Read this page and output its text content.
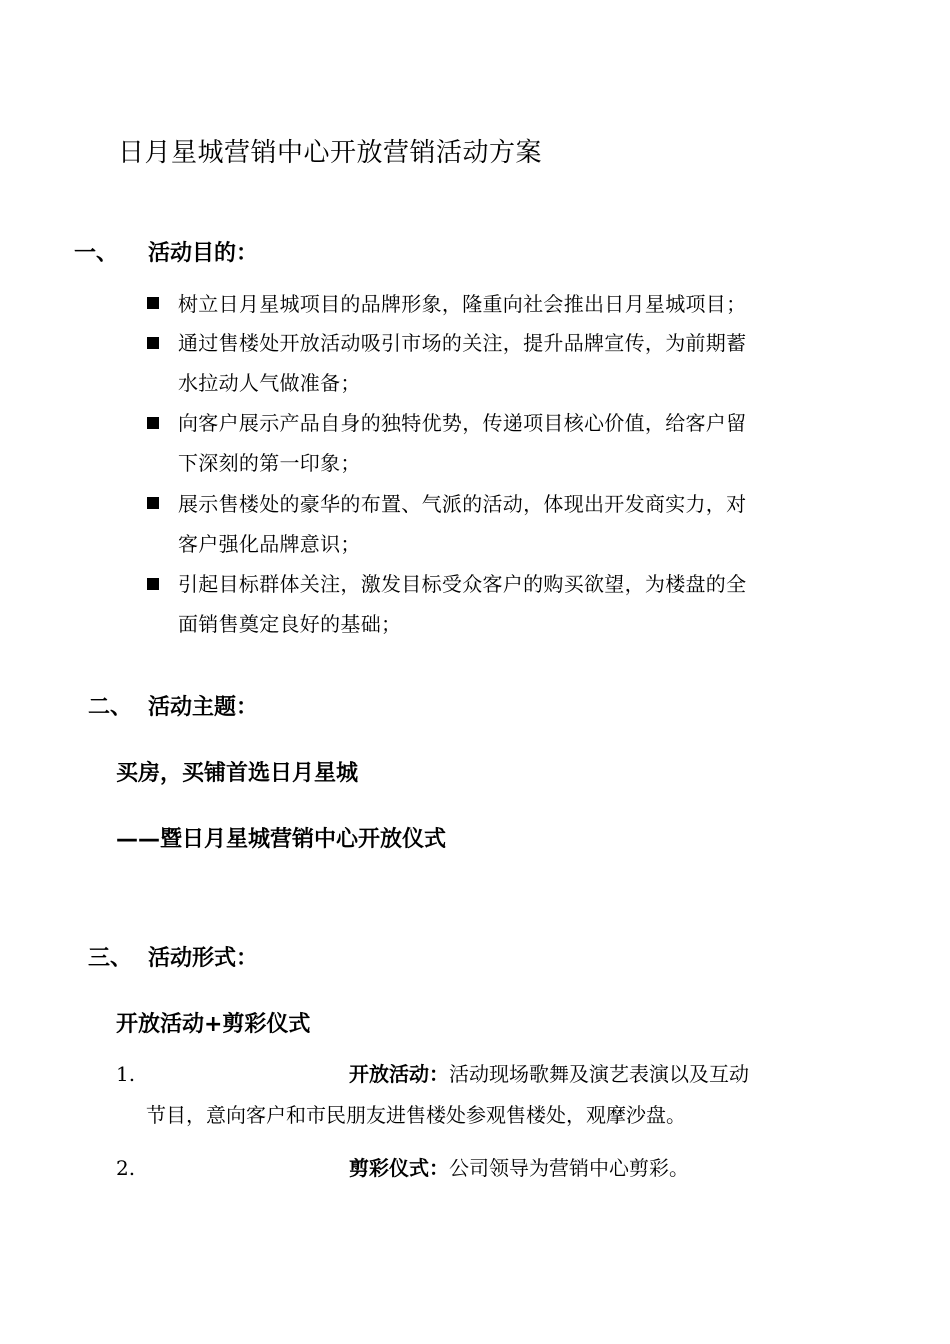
日月星城营销中心开放营销活动方案
一、 活动目的：
树立日月星城项目的品牌形象，隆重向社会推出日月星城项目；
通过售楼处开放活动吸引市场的关注，提升品牌宣传，为前期蓄
水拉动人气做准备；
向客户展示产品自身的独特优势，传递项目核心价值，给客户留
下深刻的第一印象；
展示售楼处的豪华的布置、气派的活动，体现出开发商实力，对
客户强化品牌意识；
引起目标群体关注，激发目标受众客户的购买欲望，为楼盘的全
面销售奠定良好的基础；
二、 活动主题：
买房，买铺首选日月星城
——暨日月星城营销中心开放仪式
三、 活动形式：
开放活动+剪彩仪式
1.	开放活动：活动现场歌舞及演艺表演以及互动
节目，意向客户和市民朋友进售楼处参观售楼处，观摩沙盘。
2.	剪彩仪式：公司领导为营销中心剪彩。
